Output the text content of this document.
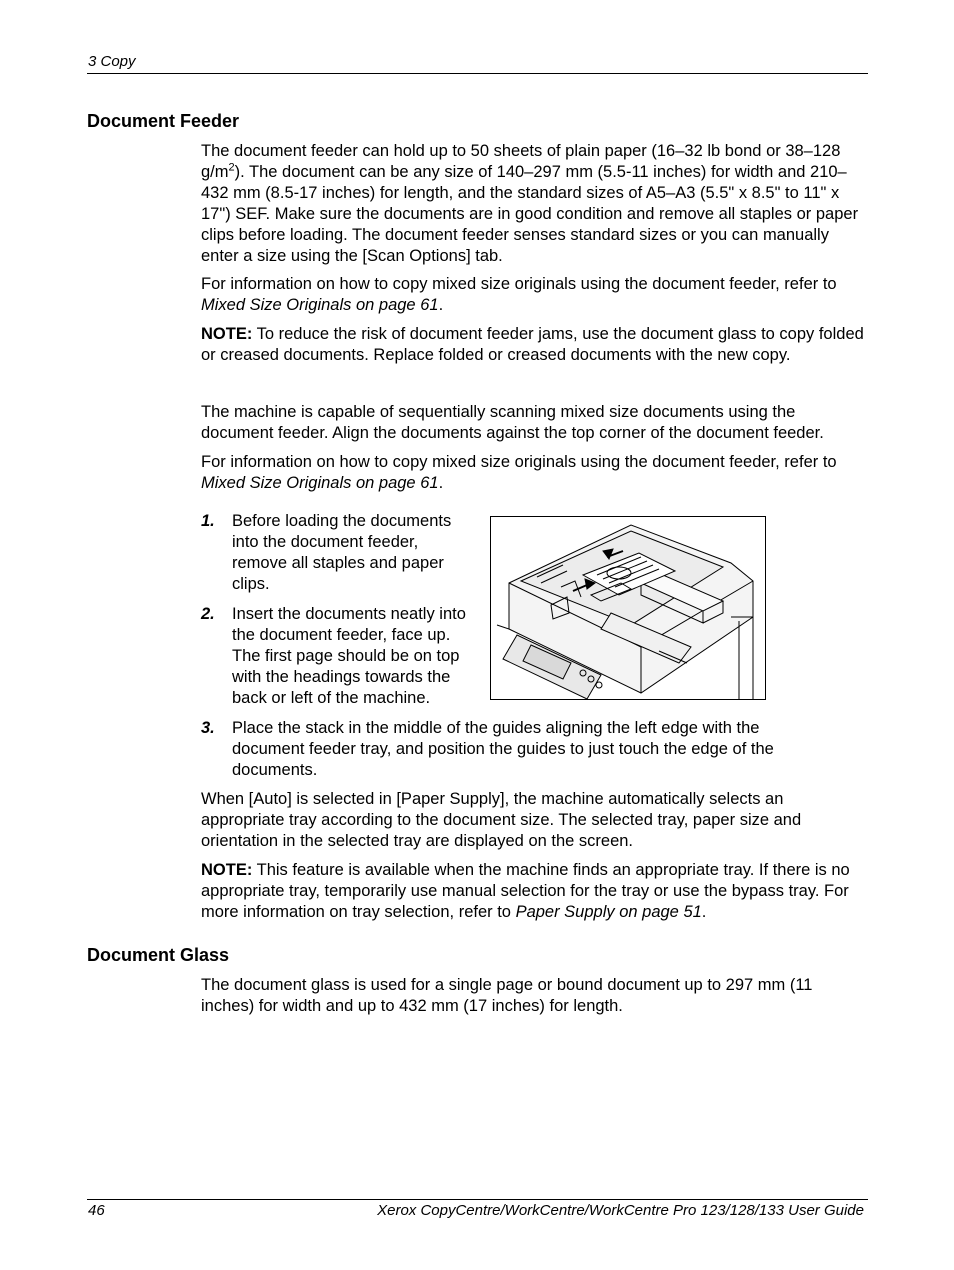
3 Copy
Document Feeder

The document feeder can hold up to 50 sheets of plain paper (16–32 lb bond or 38–128 $g/m^2$). The document can be any size of 140–297 mm (5.5-11 inches) for width and 210–432 mm (8.5-17 inches) for length, and the standard sizes of A5–A3 (5.5" x 8.5" to 11" x 17") SEF. Make sure the documents are in good condition and remove all staples or paper clips before loading. The document feeder senses standard sizes or you can manually enter a size using the [Scan Options] tab.

For information on how to copy mixed size originals using the document feeder, refer to Mixed Size Originals on page 61.

NOTE: To reduce the risk of document feeder jams, use the document glass to copy folded or creased documents. Replace folded or creased documents with the new copy.

The machine is capable of sequentially scanning mixed size documents using the document feeder. Align the documents against the top corner of the document feeder.

For information on how to copy mixed size originals using the document feeder, refer to Mixed Size Originals on page 61.

1. Before loading the documents
into the document feeder,
remove all staples and paper
clips.
2. Insert the documents neatly into
the document feeder, face up.
The first page should be on top
with the headings towards the
back or left of the machine.
3. Place the stack in the middle of the guides aligning the left edge with the
document feeder tray, and position the guides to just touch the edge of the
documents.

When [Auto] is selected in [Paper Supply], the machine automatically selects an appropriate tray according to the document size. The selected tray, paper size and orientation in the selected tray are displayed on the screen.

NOTE: This feature is available when the machine finds an appropriate tray. If there is no appropriate tray, temporarily use manual selection for the tray or use the bypass tray. For more information on tray selection, refer to Paper Supply on page 51.

Document Glass

The document glass is used for a single page or bound document up to 297 mm (11 inches) for width and up to 432 mm (17 inches) for length.

46	Xerox CopyCentre/WorkCentre/WorkCentre Pro 123/128/133 User Guide
